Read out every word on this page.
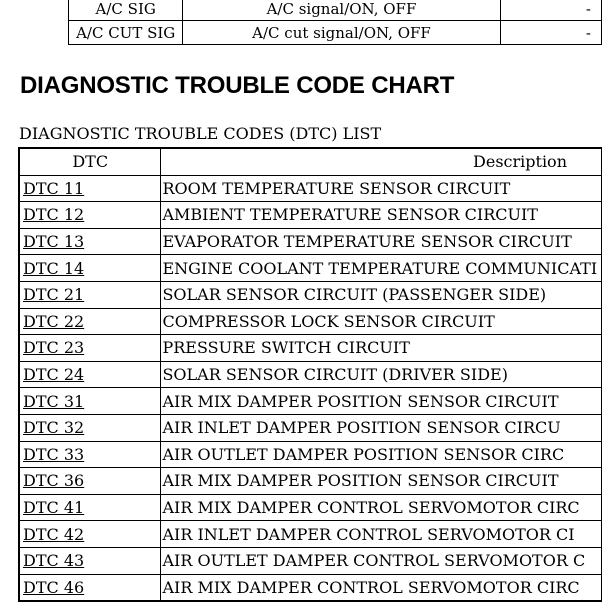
A/C SIG	A/C signal/ON, OFF	-
A/C CUT SIG	A/C cut signal/ON, OFF	-
DIAGNOSTIC TROUBLE CODE CHART
DIAGNOSTIC TROUBLE CODES (DTC) LIST
DTC	Description
DTC 11	ROOM TEMPERATURE SENSOR CIRCUIT
DTC 12	AMBIENT TEMPERATURE SENSOR CIRCUIT
DTC 13	EVAPORATOR TEMPERATURE SENSOR CIRCUIT
DTC 14	ENGINE COOLANT TEMPERATURE COMMUNICATI
DTC 21	SOLAR SENSOR CIRCUIT (PASSENGER SIDE)
DTC 22	COMPRESSOR LOCK SENSOR CIRCUIT
DTC 23	PRESSURE SWITCH CIRCUIT
DTC 24	SOLAR SENSOR CIRCUIT (DRIVER SIDE)
DTC 31	AIR MIX DAMPER POSITION SENSOR CIRCUIT
DTC 32	AIR INLET DAMPER POSITION SENSOR CIRCU
DTC 33	AIR OUTLET DAMPER POSITION SENSOR CIRC
DTC 36	AIR MIX DAMPER POSITION SENSOR CIRCUIT
DTC 41	AIR MIX DAMPER CONTROL SERVOMOTOR CIRC
DTC 42	AIR INLET DAMPER CONTROL SERVOMOTOR CI
DTC 43	AIR OUTLET DAMPER CONTROL SERVOMOTOR C
DTC 46	AIR MIX DAMPER CONTROL SERVOMOTOR CIRC
